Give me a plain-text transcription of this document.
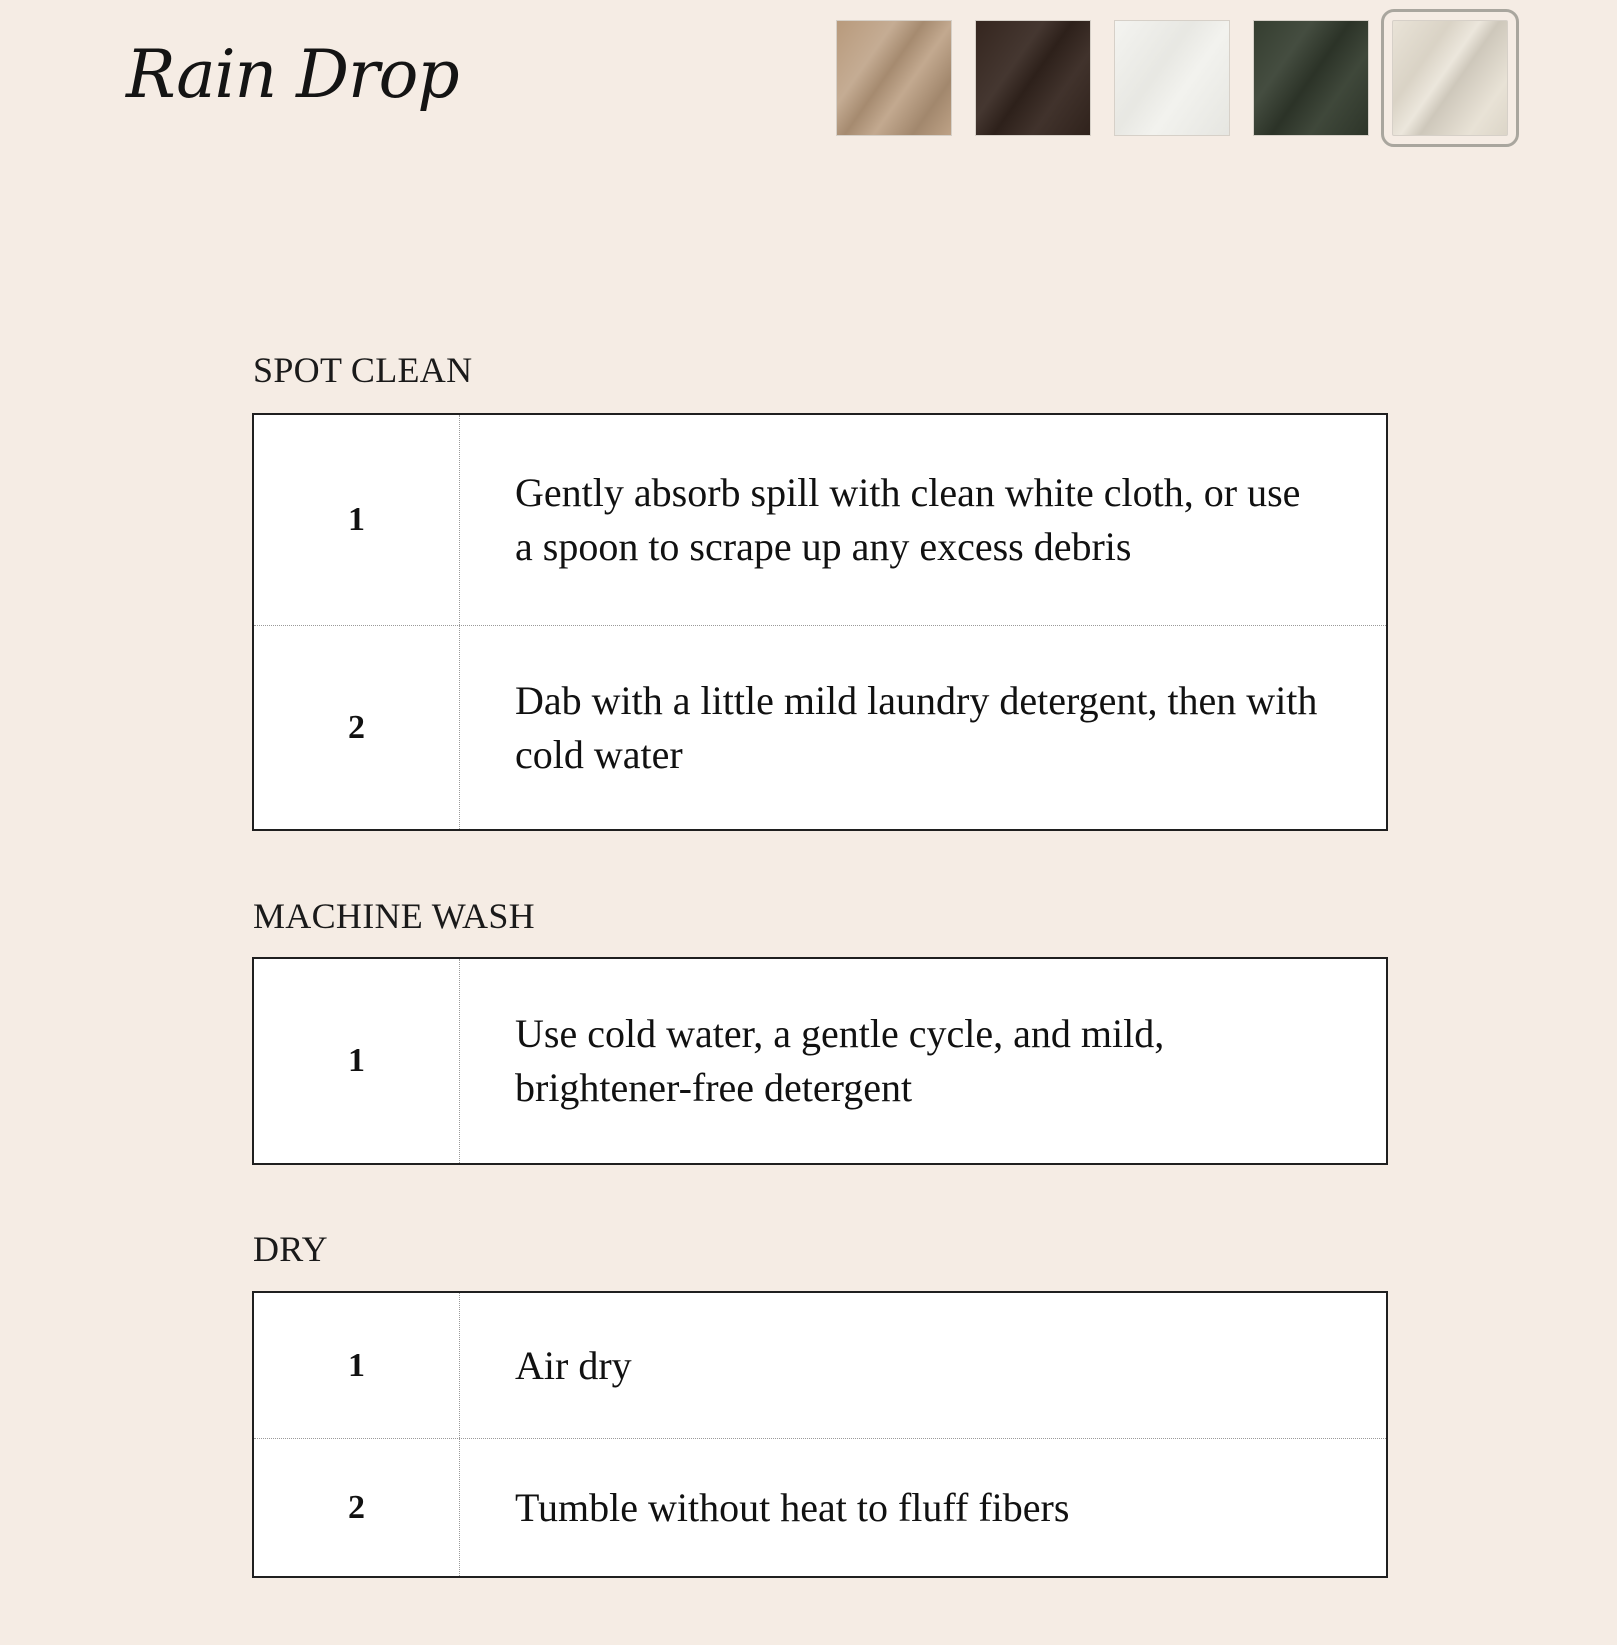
Rain Drop
SPOT CLEAN
1
Gently absorb spill with clean white cloth, or use a spoon to scrape up any excess debris
2
Dab with a little mild laundry detergent, then with cold water
MACHINE WASH
1
Use cold water, a gentle cycle, and mild, brightener-free detergent
DRY
1	Air dry
2	Tumble without heat to fluff fibers
